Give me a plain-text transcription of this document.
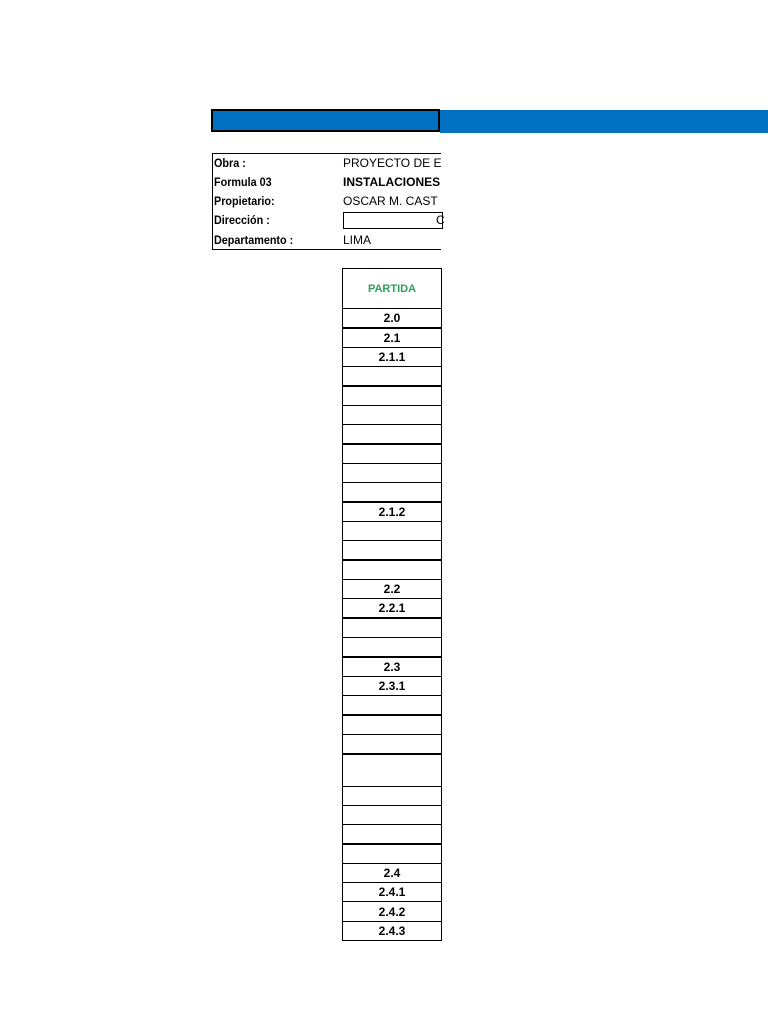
Obra :	PROYECTO DE E
Formula 03	INSTALACIONES
Propietario:	OSCAR M. CAST
Dirección :	C
Departamento :	LIMA
PARTIDA
2.0
2.1
2.1.1
2.1.2
2.2
2.2.1
2.3
2.3.1
2.4
2.4.1
2.4.2
2.4.3
